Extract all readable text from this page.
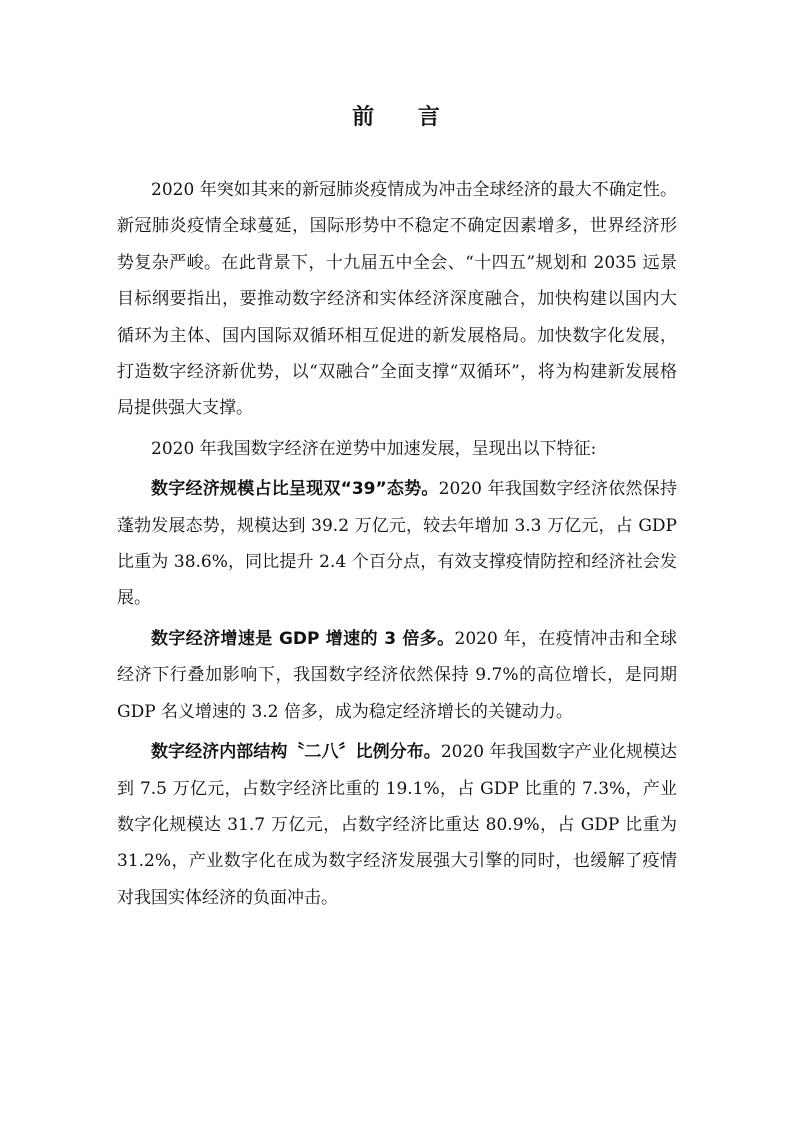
前 言

2020 年突如其来的新冠肺炎疫情成为冲击全球经济的最大不确定性。新冠肺炎疫情全球蔓延，国际形势中不稳定不确定因素增多，世界经济形势复杂严峻。在此背景下，十九届五中全会、“十四五”规划和 2035 远景目标纲要指出，要推动数字经济和实体经济深度融合，加快构建以国内大循环为主体、国内国际双循环相互促进的新发展格局。加快数字化发展，打造数字经济新优势，以“双融合”全面支撑“双循环”，将为构建新发展格局提供强大支撑。

2020 年我国数字经济在逆势中加速发展，呈现出以下特征:

数字经济规模占比呈现双“39”态势。2020 年我国数字经济依然保持蓬勃发展态势，规模达到 39.2 万亿元，较去年增加 3.3 万亿元，占 GDP 比重为 38.6%，同比提升 2.4 个百分点，有效支撑疫情防控和经济社会发展。

数字经济增速是 GDP 增速的 3 倍多。2020 年，在疫情冲击和全球经济下行叠加影响下，我国数字经济依然保持 9.7%的高位增长，是同期 GDP 名义增速的 3.2 倍多，成为稳定经济增长的关键动力。

数字经济内部结构〝二八〞比例分布。2020 年我国数字产业化规模达到 7.5 万亿元，占数字经济比重的 19.1%，占 GDP 比重的 7.3%，产业数字化规模达 31.7 万亿元，占数字经济比重达 80.9%，占 GDP 比重为 31.2%，产业数字化在成为数字经济发展强大引擎的同时，也缓解了疫情对我国实体经济的负面冲击。
